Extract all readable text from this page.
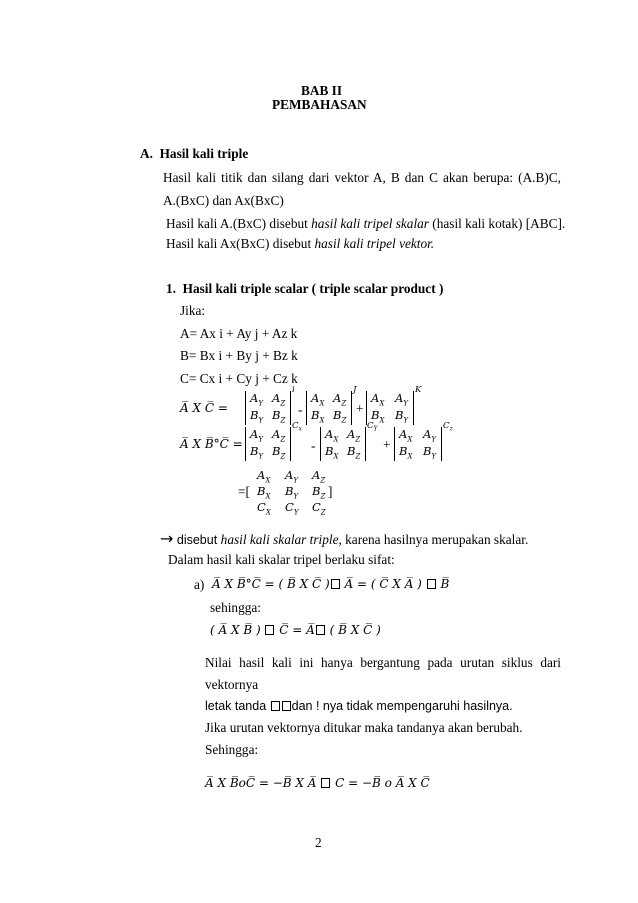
BAB II
PEMBAHASAN
A.  Hasil kali triple
Hasil kali titik dan silang dari vektor A, B dan C akan berupa: (A.B)C,
A.(BxC) dan Ax(BxC)
Hasil kali A.(BxC) disebut hasil kali tripel skalar (hasil kali kotak) [ABC].
Hasil kali Ax(BxC) disebut hasil kali tripel vektor.
1.  Hasil kali triple scalar ( triple scalar product )
Jika:
A= Ax i + Ay j + Az k
B= Bx i + By j + Bz k
C= Cx i + Cy j + Cz k
A̅ X C̅ =
$A_Y$ $A_Z$
$B_Y$ $B_Z$
i
-
$A_X$ $A_Z$
$B_X$ $B_Z$
J
+
$A_X$ $A_Y$
$B_X$ $B_Y$
K
A̅ X B̅°C̅ =
$A_Y$ $A_Z$
$B_Y$ $B_Z$
$C_x$
-
$A_X$ $A_Z$
$B_X$ $B_Z$
$C_Y$
+
$A_X$ $A_Y$
$B_X$ $B_Y$
$C_z$
=[
$A_X$ $A_Y$ $A_Z$
$B_X$ $B_Y$ $B_Z$
$C_X$ $C_Y$ $C_Z$
]
→ disebut hasil kali skalar triple, karena hasilnya merupakan skalar.
Dalam hasil kali skalar tripel berlaku sifat:
a) A̅ X B̅°C̅ = ( B̅ X C̅ ) A̅ = ( C̅ X A̅ )  B̅
sehingga:
( A̅ X B̅ )  C̅ = A̅ ( B̅ X C̅ )
Nilai hasil kali ini hanya bergantung pada urutan siklus dari
vektornya
letak tanda dan ! nya tidak mempengaruhi hasilnya.
Jika urutan vektornya ditukar maka tandanya akan berubah.
Sehingga:
A̅ X B̅oC̅ = −B̅ X A̅  C = −B̅ o A̅ X C̅
2
